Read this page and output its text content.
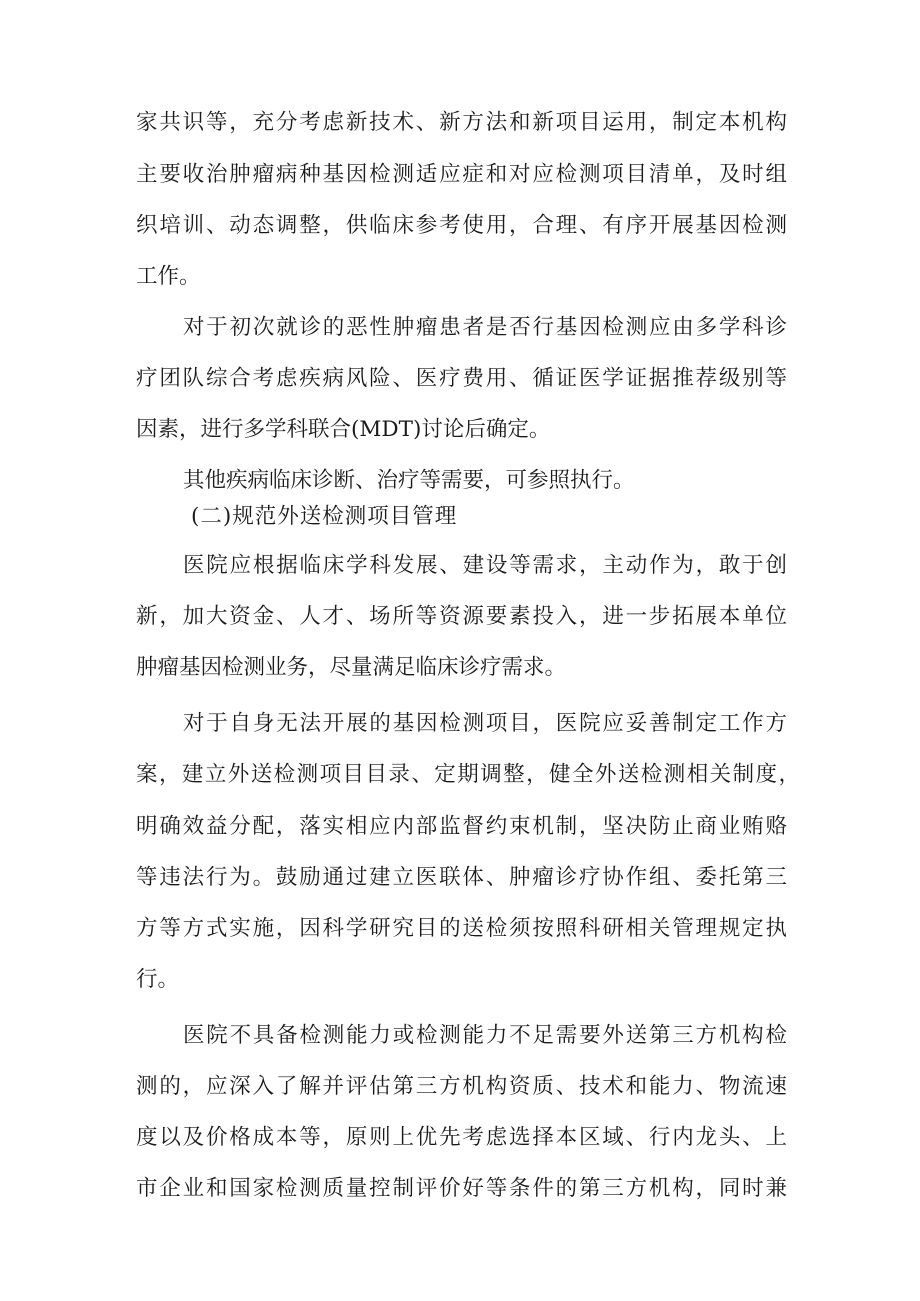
家共识等，充分考虑新技术、新方法和新项目运用，制定本机构

主要收治肿瘤病种基因检测适应症和对应检测项目清单，及时组

织培训、动态调整，供临床参考使用，合理、有序开展基因检测

工作。

对于初次就诊的恶性肿瘤患者是否行基因检测应由多学科诊

疗团队综合考虑疾病风险、医疗费用、循证医学证据推荐级别等

因素，进行多学科联合(MDT)讨论后确定。

其他疾病临床诊断、治疗等需要，可参照执行。

(二)规范外送检测项目管理

医院应根据临床学科发展、建设等需求，主动作为，敢于创

新，加大资金、人才、场所等资源要素投入，进一步拓展本单位

肿瘤基因检测业务，尽量满足临床诊疗需求。

对于自身无法开展的基因检测项目，医院应妥善制定工作方

案，建立外送检测项目目录、定期调整，健全外送检测相关制度，

明确效益分配，落实相应内部监督约束机制，坚决防止商业贿赂

等违法行为。鼓励通过建立医联体、肿瘤诊疗协作组、委托第三

方等方式实施，因科学研究目的送检须按照科研相关管理规定执

行。

医院不具备检测能力或检测能力不足需要外送第三方机构检

测的，应深入了解并评估第三方机构资质、技术和能力、物流速

度以及价格成本等，原则上优先考虑选择本区域、行内龙头、上

市企业和国家检测质量控制评价好等条件的第三方机构，同时兼
